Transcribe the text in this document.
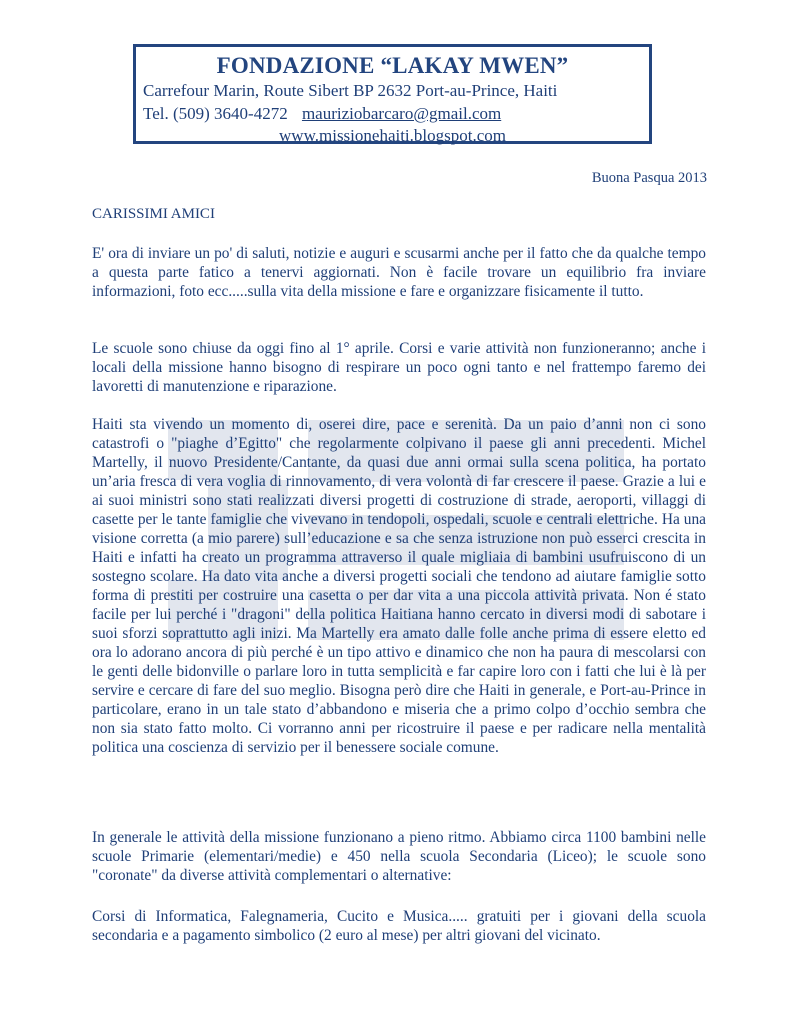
FONDAZIONE “LAKAY MWEN”
Carrefour Marin, Route Sibert BP 2632 Port-au-Prince, Haiti
Tel. (509) 3640-4272 mauriziobarcaro@gmail.com
www.missionehaiti.blogspot.com
Buona Pasqua 2013
CARISSIMI AMICI

E' ora di inviare un po' di saluti, notizie e auguri e scusarmi anche per il fatto che da qualche tempo a questa parte fatico a tenervi aggiornati. Non è facile trovare un equilibrio fra inviare informazioni, foto ecc.....sulla vita della missione e fare e organizzare fisicamente il tutto.

Le scuole sono chiuse da oggi fino al 1° aprile. Corsi e varie attività non funzioneranno; anche i locali della missione hanno bisogno di respirare un poco ogni tanto e nel frattempo faremo dei lavoretti di manutenzione e riparazione.

Haiti sta vivendo un momento di, oserei dire, pace e serenità. Da un paio d’anni non ci sono catastrofi o "piaghe d’Egitto" che regolarmente colpivano il paese gli anni precedenti. Michel Martelly, il nuovo Presidente/Cantante, da quasi due anni ormai sulla scena politica, ha portato un’aria fresca di vera voglia di rinnovamento, di vera volontà di far crescere il paese. Grazie a lui e ai suoi ministri sono stati realizzati diversi progetti di costruzione di strade, aeroporti, villaggi di casette per le tante famiglie che vivevano in tendopoli, ospedali, scuole e centrali elettriche. Ha una visione corretta (a mio parere) sull’educazione e sa che senza istruzione non può esserci crescita in Haiti e infatti ha creato un programma attraverso il quale migliaia di bambini usufruiscono di un sostegno scolare. Ha dato vita anche a diversi progetti sociali che tendono ad aiutare famiglie sotto forma di prestiti per costruire una casetta o per dar vita a una piccola attività privata. Non é stato facile per lui perché i "dragoni" della politica Haitiana hanno cercato in diversi modi di sabotare i suoi sforzi soprattutto agli inizi. Ma Martelly era amato dalle folle anche prima di essere eletto ed ora lo adorano ancora di più perché è un tipo attivo e dinamico che non ha paura di mescolarsi con le genti delle bidonville o parlare loro in tutta semplicità e far capire loro con i fatti che lui è là per servire e cercare di fare del suo meglio. Bisogna però dire che Haiti in generale, e Port-au-Prince in particolare, erano in un tale stato d’abbandono e miseria che a primo colpo d’occhio sembra che non sia stato fatto molto. Ci vorranno anni per ricostruire il paese e per radicare nella mentalità politica una coscienza di servizio per il benessere sociale comune.

In generale le attività della missione funzionano a pieno ritmo. Abbiamo circa 1100 bambini nelle scuole Primarie (elementari/medie) e 450 nella scuola Secondaria (Liceo); le scuole sono "coronate" da diverse attività complementari o alternative:

Corsi di Informatica, Falegnameria, Cucito e Musica..... gratuiti per i giovani della scuola secondaria e a pagamento simbolico (2 euro al mese) per altri giovani del vicinato.
